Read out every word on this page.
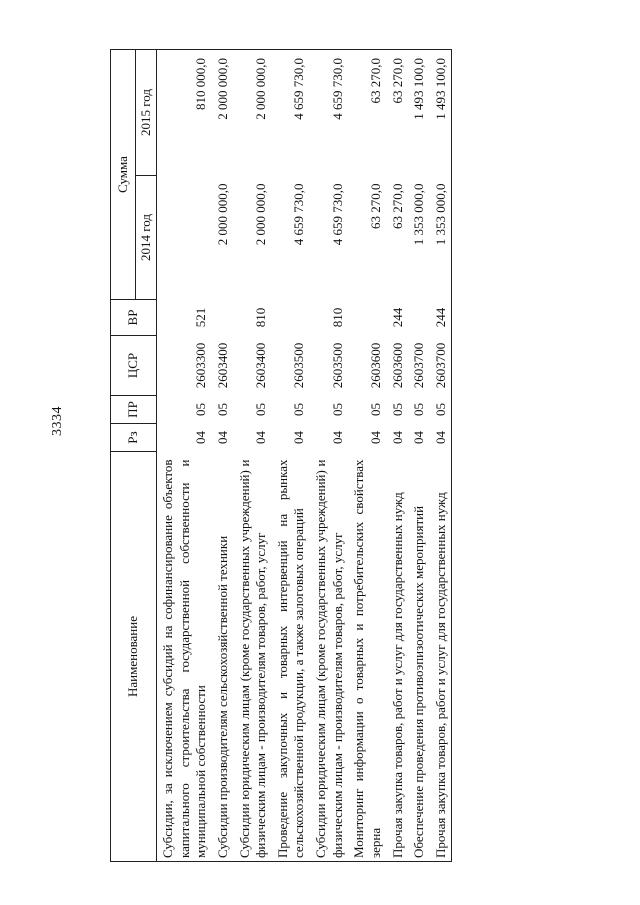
3334
Наименование	Рз	ПР	ЦСР	ВР	Сумма	
					2014 год	2015 год
Субсидии, за исключением субсидий на софинансирование объектов капитального строительства государственной собственности и муниципальной собственности	04	05	2603300	521		810 000,0
Субсидии производителям сельскохозяйственной техники	04	05	2603400		2 000 000,0	2 000 000,0
Субсидии юридическим лицам (кроме государственных учреждений) и физическим лицам - производителям товаров, работ, услуг	04	05	2603400	810	2 000 000,0	2 000 000,0
Проведение закупочных и товарных интервенций на рынках сельскохозяйственной продукции, а также залоговых операций	04	05	2603500		4 659 730,0	4 659 730,0
Субсидии юридическим лицам (кроме государственных учреждений) и физическим лицам - производителям товаров, работ, услуг	04	05	2603500	810	4 659 730,0	4 659 730,0
Мониторинг информации о товарных и потребительских свойствах зерна	04	05	2603600		63 270,0	63 270,0
Прочая закупка товаров, работ и услуг для государственных нужд	04	05	2603600	244	63 270,0	63 270,0
Обеспечение проведения противоэпизоотических мероприятий	04	05	2603700		1 353 000,0	1 493 100,0
Прочая закупка товаров, работ и услуг для государственных нужд	04	05	2603700	244	1 353 000,0	1 493 100,0
